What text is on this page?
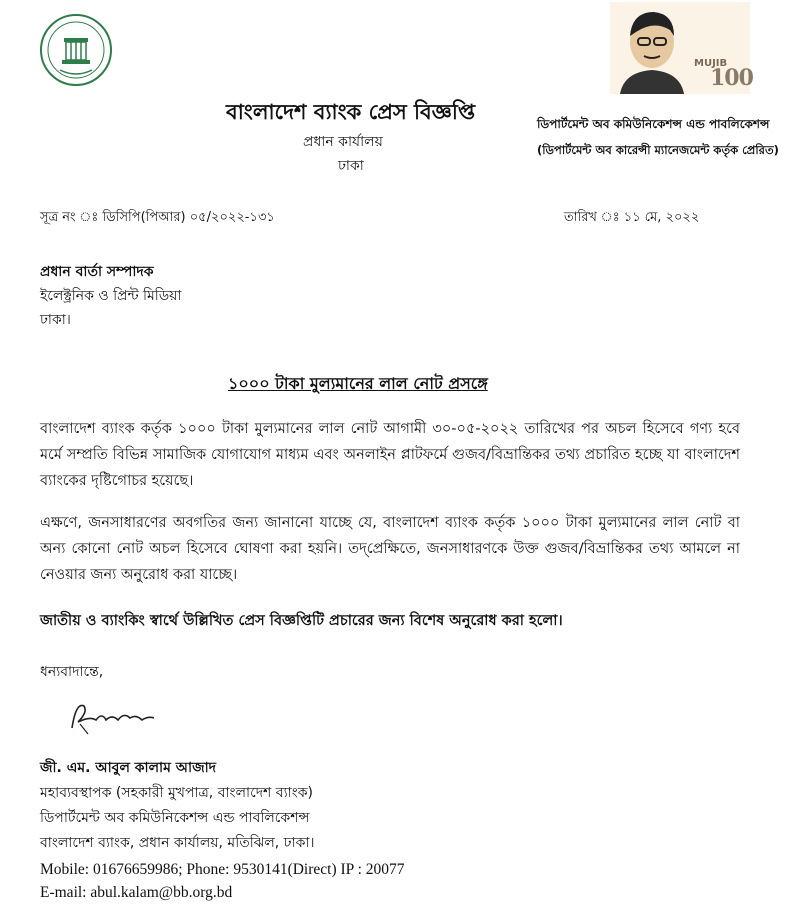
MUJIB
100
বাংলাদেশ ব্যাংক প্রেস বিজ্ঞপ্তি
প্রধান কার্যালয়
ঢাকা
ডিপার্টমেন্ট অব কমিউনিকেশন্স এন্ড পাবলিকেশন্স
(ডিপার্টমেন্ট অব কারেন্সী ম্যানেজমেন্ট কর্তৃক প্রেরিত)
সূত্র নং ঃ ডিসিপি(পিআর) ০৫/২০২২-১৩১	তারিখ ঃ ১১ মে, ২০২২
প্রধান বার্তা সম্পাদক
ইলেক্ট্রনিক ও প্রিন্ট মিডিয়া
ঢাকা।
১০০০ টাকা মুল্যমানের লাল নোট প্রসঙ্গে
বাংলাদেশ ব্যাংক কর্তৃক ১০০০ টাকা মুল্যমানের লাল নোট আগামী ৩০-০৫-২০২২ তারিখের পর অচল হিসেবে গণ্য হবে মর্মে সম্প্রতি বিভিন্ন সামাজিক যোগাযোগ মাধ্যম এবং অনলাইন প্লাটফর্মে গুজব/বিভ্রান্তিকর তথ্য প্রচারিত হচ্ছে যা বাংলাদেশ ব্যাংকের দৃষ্টিগোচর হয়েছে।
এক্ষণে, জনসাধারণের অবগতির জন্য জানানো যাচ্ছে যে, বাংলাদেশ ব্যাংক কর্তৃক ১০০০ টাকা মুল্যমানের লাল নোট বা অন্য কোনো নোট অচল হিসেবে ঘোষণা করা হয়নি। তদ্‌প্রেক্ষিতে, জনসাধারণকে উক্ত গুজব/বিভ্রান্তিকর তথ্য আমলে না নেওয়ার জন্য অনুরোধ করা যাচ্ছে।
জাতীয় ও ব্যাংকিং স্বার্থে উল্লিখিত প্রেস বিজ্ঞপ্তিটি প্রচারের জন্য বিশেষ অনুরোধ করা হলো।
ধন্যবাদান্তে,
জী. এম. আবুল কালাম আজাদ
মহাব্যবস্থাপক (সহকারী মুখপাত্র, বাংলাদেশ ব্যাংক)
ডিপার্টমেন্ট অব কমিউনিকেশন্স এন্ড পাবলিকেশন্স
বাংলাদেশ ব্যাংক, প্রধান কার্যালয়, মতিঝিল, ঢাকা।
Mobile: 01676659986; Phone: 9530141(Direct) IP : 20077
E-mail: abul.kalam@bb.org.bd
